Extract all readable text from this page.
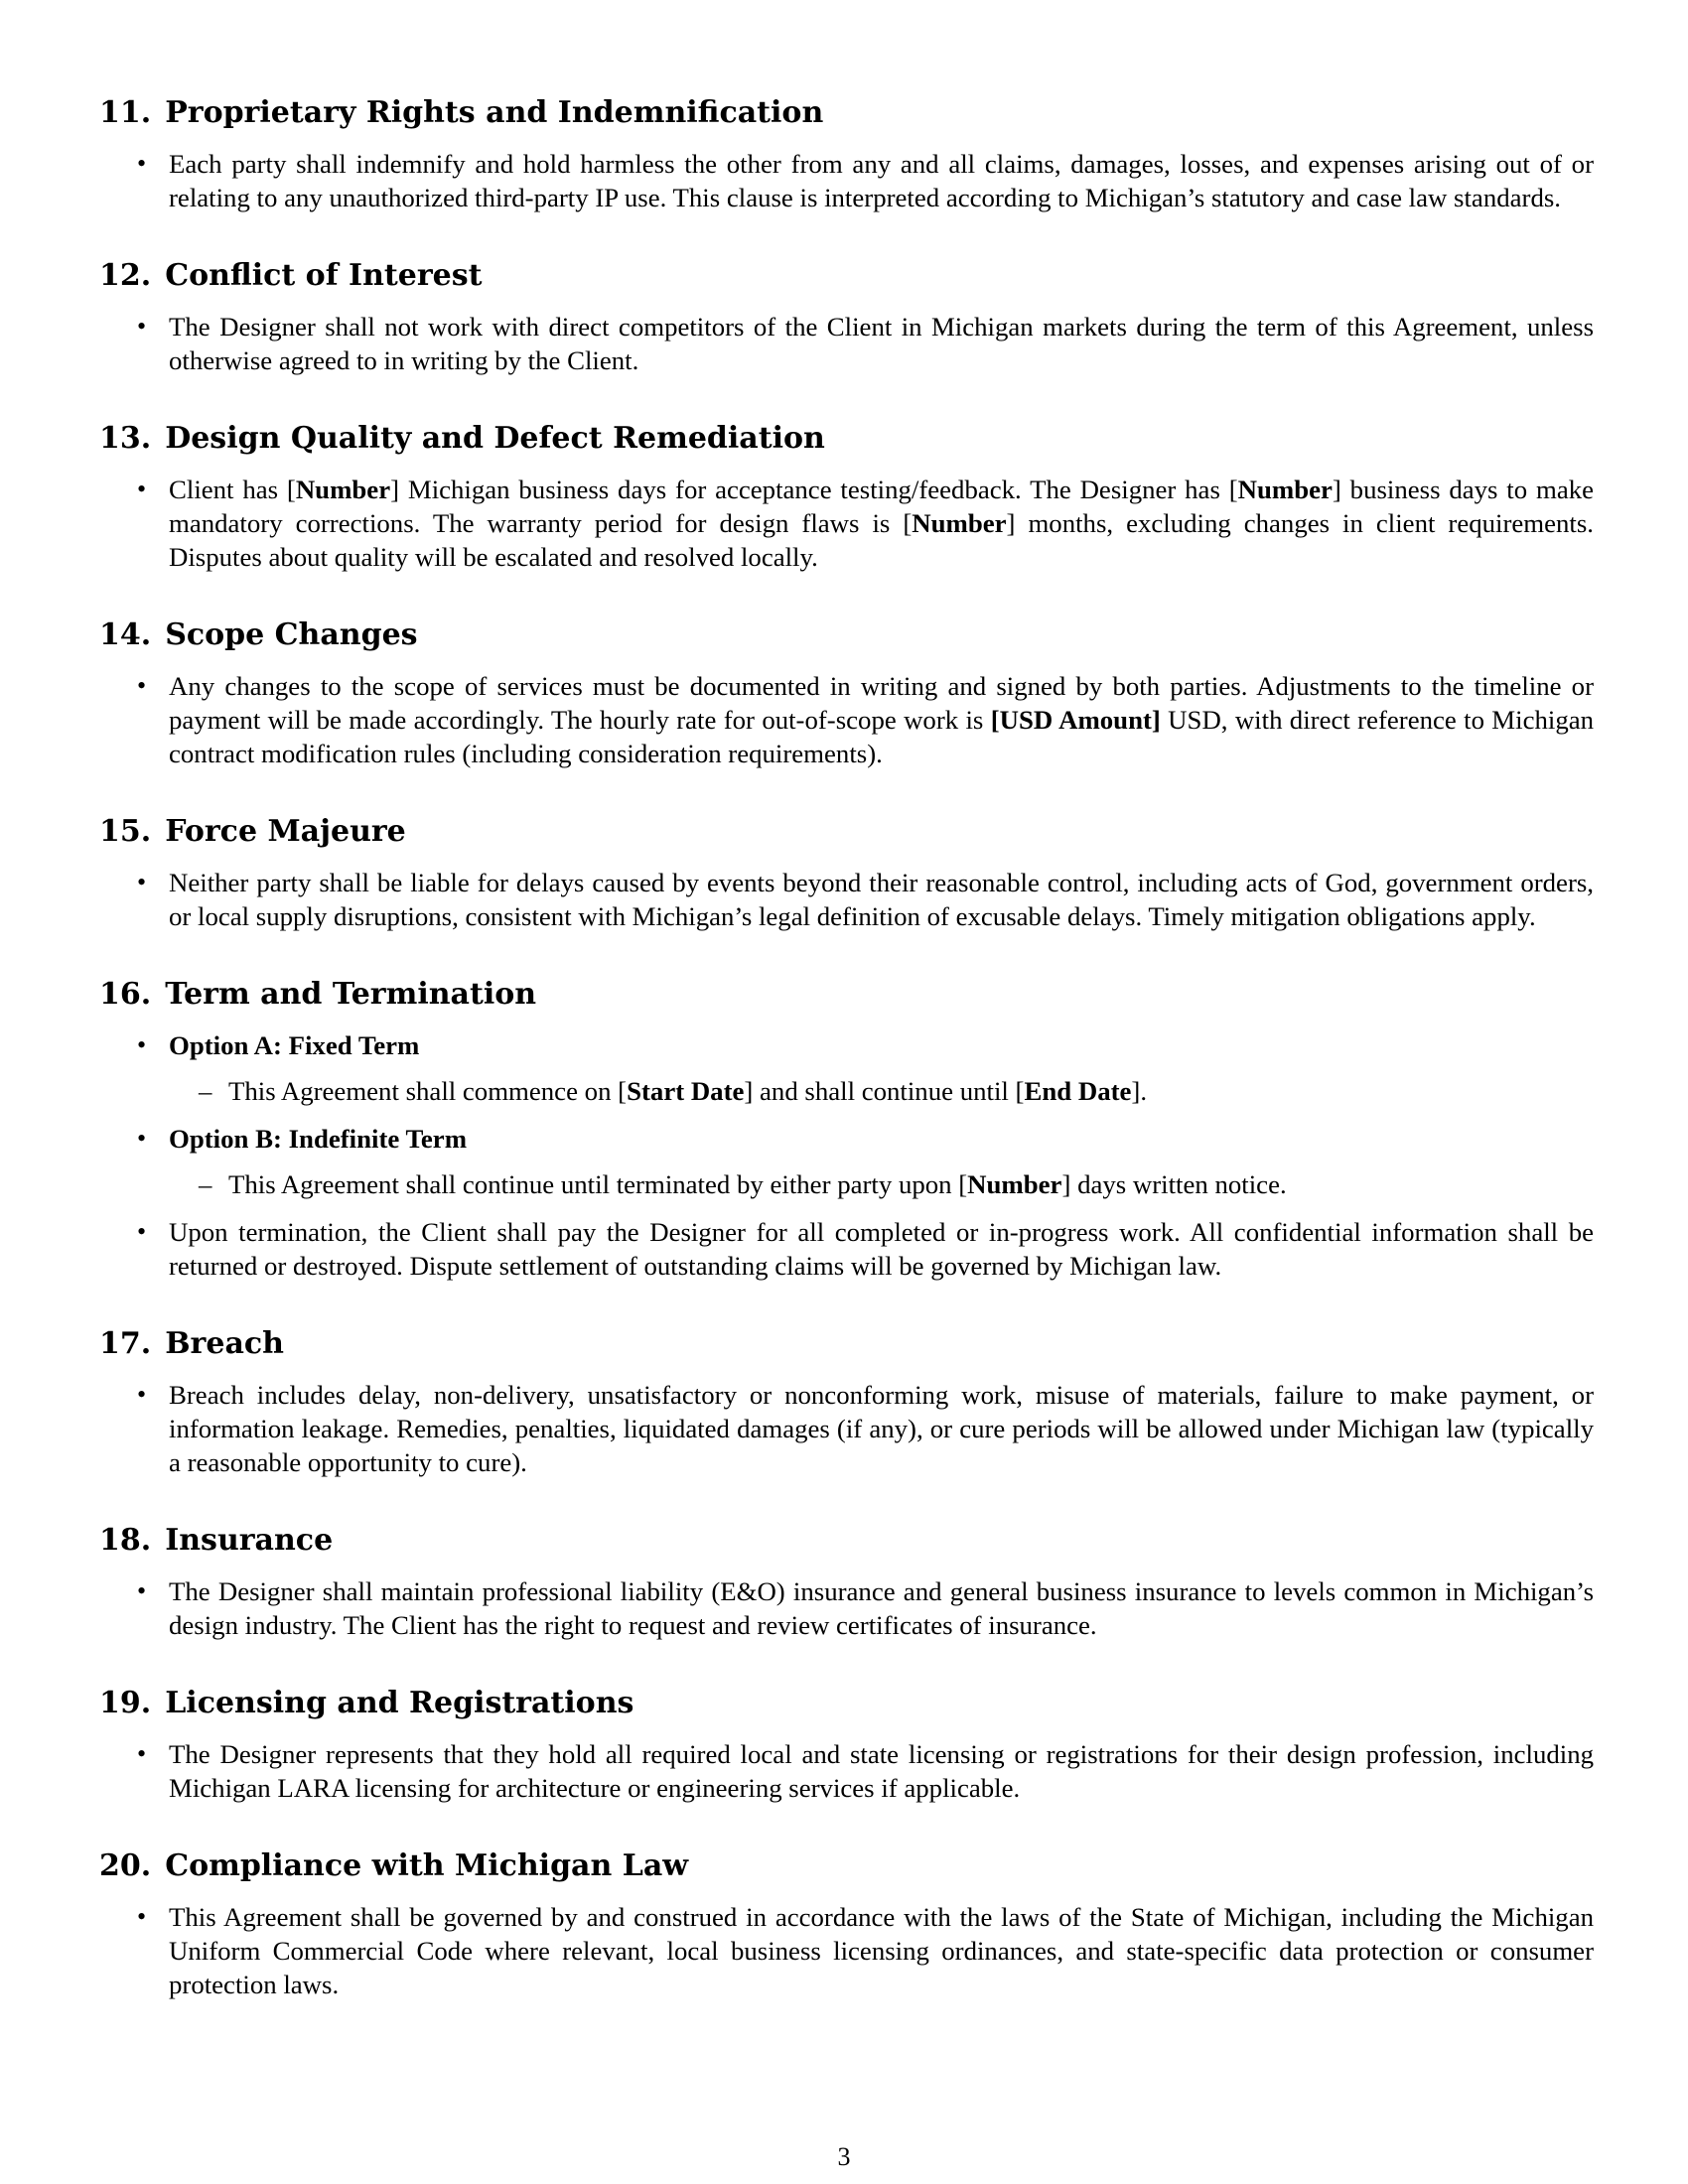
11. Proprietary Rights and Indemnification
• Each party shall indemnify and hold harmless the other from any and all claims, damages, losses, and expenses arising out of or relating to any unauthorized third-party IP use. This clause is interpreted according to Michigan’s statutory and case law standards.
12. Conflict of Interest
• The Designer shall not work with direct competitors of the Client in Michigan markets during the term of this Agreement, unless otherwise agreed to in writing by the Client.
13. Design Quality and Defect Remediation
• Client has [Number] Michigan business days for acceptance testing/feedback. The Designer has [Number] business days to make mandatory corrections. The warranty period for design flaws is [Number] months, excluding changes in client requirements. Disputes about quality will be escalated and resolved locally.
14. Scope Changes
• Any changes to the scope of services must be documented in writing and signed by both parties. Adjustments to the timeline or payment will be made accordingly. The hourly rate for out-of-scope work is [USD Amount] USD, with direct reference to Michigan contract modification rules (including consideration requirements).
15. Force Majeure
• Neither party shall be liable for delays caused by events beyond their reasonable control, including acts of God, government orders, or local supply disruptions, consistent with Michigan’s legal definition of excusable delays. Timely mitigation obligations apply.
16. Term and Termination
• Option A: Fixed Term
– This Agreement shall commence on [Start Date] and shall continue until [End Date].
• Option B: Indefinite Term
– This Agreement shall continue until terminated by either party upon [Number] days written notice.
• Upon termination, the Client shall pay the Designer for all completed or in-progress work. All confidential information shall be returned or destroyed. Dispute settlement of outstanding claims will be governed by Michigan law.
17. Breach
• Breach includes delay, non-delivery, unsatisfactory or nonconforming work, misuse of materials, failure to make payment, or information leakage. Remedies, penalties, liquidated damages (if any), or cure periods will be allowed under Michigan law (typically a reasonable opportunity to cure).
18. Insurance
• The Designer shall maintain professional liability (E&O) insurance and general business insurance to levels common in Michigan’s design industry. The Client has the right to request and review certificates of insurance.
19. Licensing and Registrations
• The Designer represents that they hold all required local and state licensing or registrations for their design profession, including Michigan LARA licensing for architecture or engineering services if applicable.
20. Compliance with Michigan Law
• This Agreement shall be governed by and construed in accordance with the laws of the State of Michigan, including the Michigan Uniform Commercial Code where relevant, local business licensing ordinances, and state-specific data protection or consumer protection laws.
3
